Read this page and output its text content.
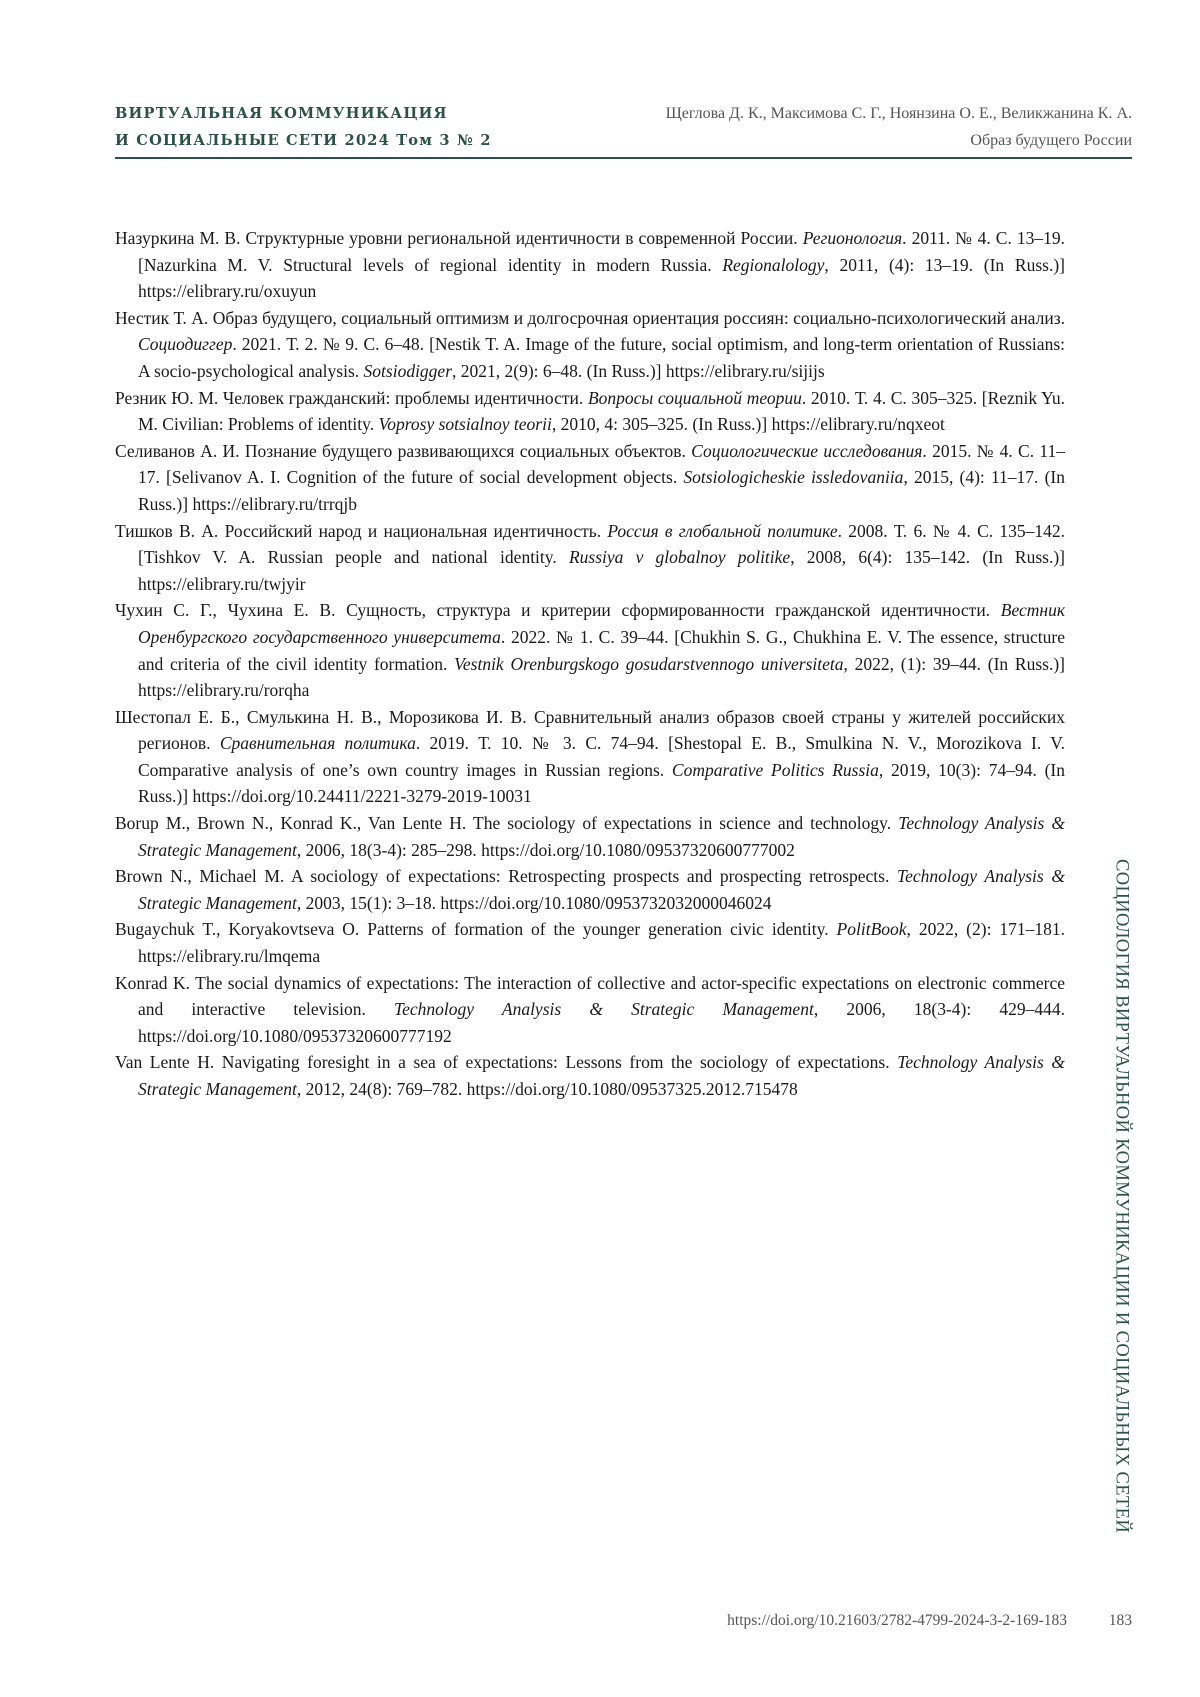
ВИРТУАЛЬНАЯ КОММУНИКАЦИЯ
И СОЦИАЛЬНЫЕ СЕТИ 2024 Том 3 № 2
Щеглова Д. К., Максимова С. Г., Ноянзина О. Е., Великжанина К. А.
Образ будущего России

Назуркина М. В. Структурные уровни региональной идентичности в современной России. Регионология. 2011. № 4. С. 13–19. [Nazurkina M. V. Structural levels of regional identity in modern Russia. Regionalology, 2011, (4): 13–19. (In Russ.)] https://elibrary.ru/oxuyun

Нестик Т. А. Образ будущего, социальный оптимизм и долгосрочная ориентация россиян: социально-психологический анализ. Социодиггер. 2021. Т. 2. № 9. С. 6–48. [Nestik T. A. Image of the future, social optimism, and long-term orientation of Russians: A socio-psychological analysis. Sotsiodigger, 2021, 2(9): 6–48. (In Russ.)] https://elibrary.ru/sijijs

Резник Ю. М. Человек гражданский: проблемы идентичности. Вопросы социальной теории. 2010. Т. 4. С. 305–325. [Reznik Yu. M. Civilian: Problems of identity. Voprosy sotsialnoy teorii, 2010, 4: 305–325. (In Russ.)] https://elibrary.ru/nqxeot

Селиванов А. И. Познание будущего развивающихся социальных объектов. Социологические исследования. 2015. № 4. С. 11–17. [Selivanov A. I. Cognition of the future of social development objects. Sotsiologicheskie issledovaniia, 2015, (4): 11–17. (In Russ.)] https://elibrary.ru/trrqjb

Тишков В. А. Российский народ и национальная идентичность. Россия в глобальной политике. 2008. Т. 6. № 4. С. 135–142. [Tishkov V. A. Russian people and national identity. Russiya v globalnoy politike, 2008, 6(4): 135–142. (In Russ.)] https://elibrary.ru/twjyir

Чухин С. Г., Чухина Е. В. Сущность, структура и критерии сформированности гражданской идентичности. Вестник Оренбургского государственного университета. 2022. № 1. С. 39–44. [Chukhin S. G., Chukhina E. V. The essence, structure and criteria of the civil identity formation. Vestnik Orenburgskogo gosudarstvennogo universiteta, 2022, (1): 39–44. (In Russ.)] https://elibrary.ru/rorqha

Шестопал Е. Б., Смулькина Н. В., Морозикова И. В. Сравнительный анализ образов своей страны у жителей российских регионов. Сравнительная политика. 2019. Т. 10. № 3. С. 74–94. [Shestopal E. B., Smulkina N. V., Morozikova I. V. Comparative analysis of one’s own country images in Russian regions. Comparative Politics Russia, 2019, 10(3): 74–94. (In Russ.)] https://doi.org/10.24411/2221-3279-2019-10031

Borup M., Brown N., Konrad K., Van Lente H. The sociology of expectations in science and technology. Technology Analysis & Strategic Management, 2006, 18(3-4): 285–298. https://doi.org/10.1080/09537320600777002

Brown N., Michael M. A sociology of expectations: Retrospecting prospects and prospecting retrospects. Technology Analysis & Strategic Management, 2003, 15(1): 3–18. https://doi.org/10.1080/0953732032000046024

Bugaychuk T., Koryakovtseva O. Patterns of formation of the younger generation civic identity. PolitBook, 2022, (2): 171–181. https://elibrary.ru/lmqema

Konrad K. The social dynamics of expectations: The interaction of collective and actor-specific expectations on electronic commerce and interactive television. Technology Analysis & Strategic Management, 2006, 18(3-4): 429–444. https://doi.org/10.1080/09537320600777192

Van Lente H. Navigating foresight in a sea of expectations: Lessons from the sociology of expectations. Technology Analysis & Strategic Management, 2012, 24(8): 769–782. https://doi.org/10.1080/09537325.2012.715478	СОЦИОЛОГИЯ ВИРТУАЛЬНОЙ КОММУНИКАЦИИ И СОЦИАЛЬНЫХ СЕТЕЙ
https://doi.org/10.21603/2782-4799-2024-3-2-169-183	183
